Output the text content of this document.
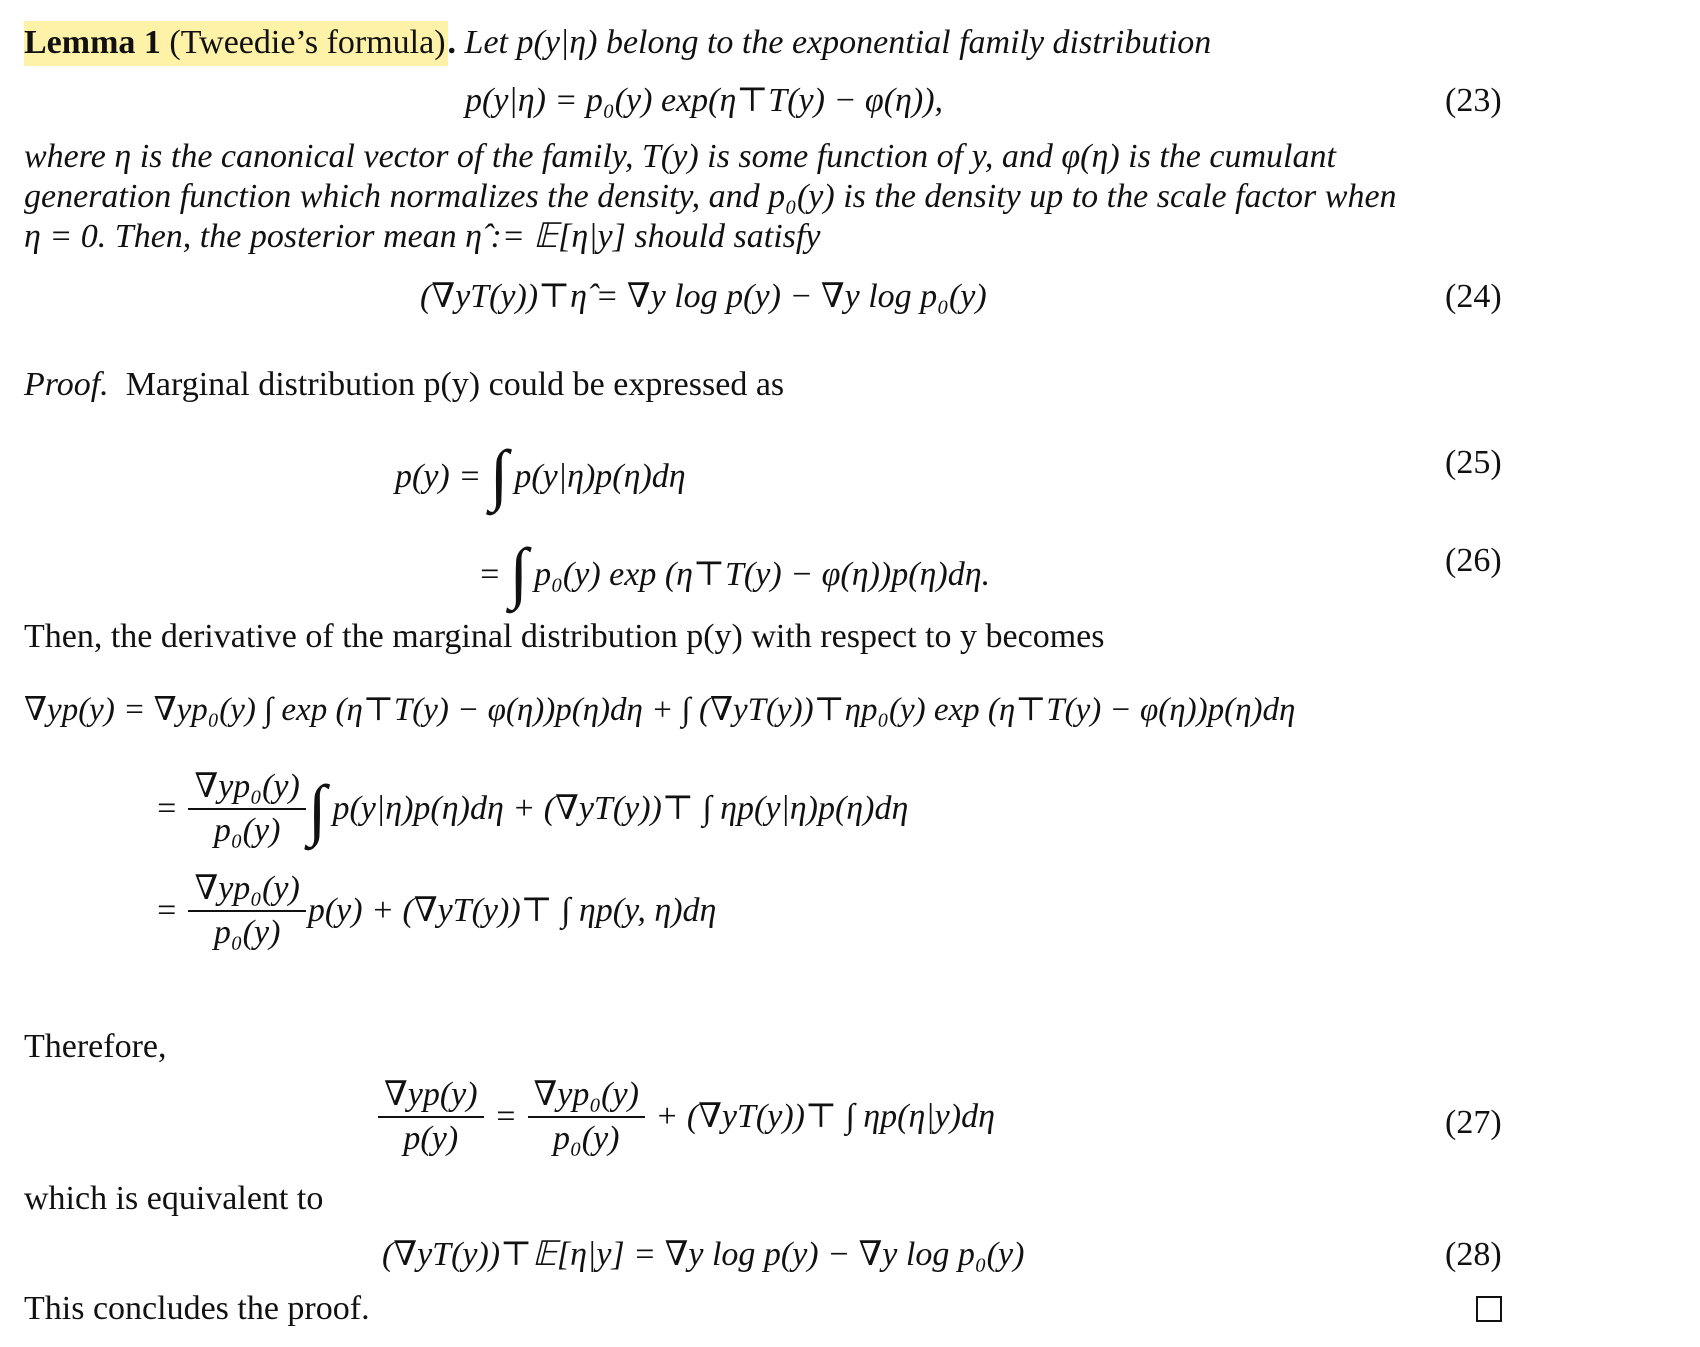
Lemma 1 (Tweedie’s formula). Let p(y|η) belong to the exponential family distribution
p(y|η) = p₀(y) exp(η⊤T(y) − φ(η)),	(23)
where η is the canonical vector of the family, T(y) is some function of y, and φ(η) is the cumulant
generation function which normalizes the density, and p₀(y) is the density up to the scale factor when
η = 0. Then, the posterior mean η̂ := 𝔼[η|y] should satisfy
(∇yT(y))⊤η̂ = ∇y log p(y) − ∇y log p₀(y)	(24)
Proof. Marginal distribution p(y) could be expressed as
p(y) = ∫ p(y|η)p(η)dη	(25)
= ∫ p₀(y) exp (η⊤T(y) − φ(η))p(η)dη.	(26)
Then, the derivative of the marginal distribution p(y) with respect to y becomes
∇yp(y) = ∇yp₀(y) ∫ exp (η⊤T(y) − φ(η))p(η)dη + ∫ (∇yT(y))⊤ηp₀(y) exp (η⊤T(y) − φ(η))p(η)dη
= $\frac{\text{∇yp₀(y)}}{\text{p₀(y)}}$ ∫ p(y|η)p(η)dη + (∇yT(y))⊤ ∫ ηp(y|η)p(η)dη
= $\frac{\text{∇yp₀(y)}}{\text{p₀(y)}} p(y)$ + (∇yT(y))⊤ ∫ ηp(y, η)dη
Therefore,
$\frac{\nabla yp(y)}{p(y)} = \frac{\text{∇yp₀(y)}}{\text{p₀(y)}}$
+ (∇yT(y))⊤ ∫ ηp(η|y)dη	(27)
which is equivalent to
(∇yT(y))⊤𝔼[η|y] = ∇y log p(y) − ∇y log p₀(y)	(28)
This concludes the proof.
